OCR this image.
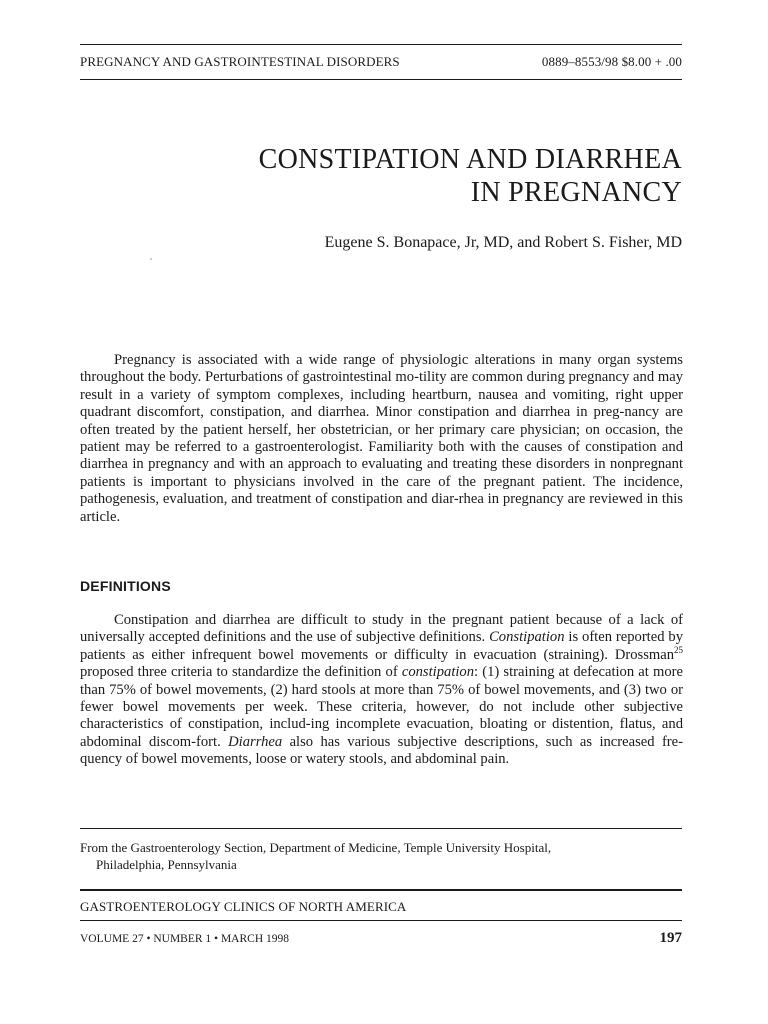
PREGNANCY AND GASTROINTESTINAL DISORDERS	0889–8553/98 $8.00 + .00
CONSTIPATION AND DIARRHEA
IN PREGNANCY
Eugene S. Bonapace, Jr, MD, and Robert S. Fisher, MD

Pregnancy is associated with a wide range of physiologic alterations in many organ systems throughout the body. Perturbations of gastrointestinal mo-tility are common during pregnancy and may result in a variety of symptom complexes, including heartburn, nausea and vomiting, right upper quadrant discomfort, constipation, and diarrhea. Minor constipation and diarrhea in preg-nancy are often treated by the patient herself, her obstetrician, or her primary care physician; on occasion, the patient may be referred to a gastroenterologist. Familiarity both with the causes of constipation and diarrhea in pregnancy and with an approach to evaluating and treating these disorders in nonpregnant patients is important to physicians involved in the care of the pregnant patient. The incidence, pathogenesis, evaluation, and treatment of constipation and diar-rhea in pregnancy are reviewed in this article.

DEFINITIONS

Constipation and diarrhea are difficult to study in the pregnant patient because of a lack of universally accepted definitions and the use of subjective definitions. Constipation is often reported by patients as either infrequent bowel movements or difficulty in evacuation (straining). Drossman$^{25}$ proposed three criteria to standardize the definition of constipation: (1) straining at defecation at more than 75% of bowel movements, (2) hard stools at more than 75% of bowel movements, and (3) two or fewer bowel movements per week. These criteria, however, do not include other subjective characteristics of constipation, includ-ing incomplete evacuation, bloating or distention, flatus, and abdominal discom-fort. Diarrhea also has various subjective descriptions, such as increased fre-quency of bowel movements, loose or watery stools, and abdominal pain.

From the Gastroenterology Section, Department of Medicine, Temple University Hospital,
Philadelphia, Pennsylvania
GASTROENTEROLOGY CLINICS OF NORTH AMERICA
VOLUME 27 • NUMBER 1 • MARCH 1998	197
